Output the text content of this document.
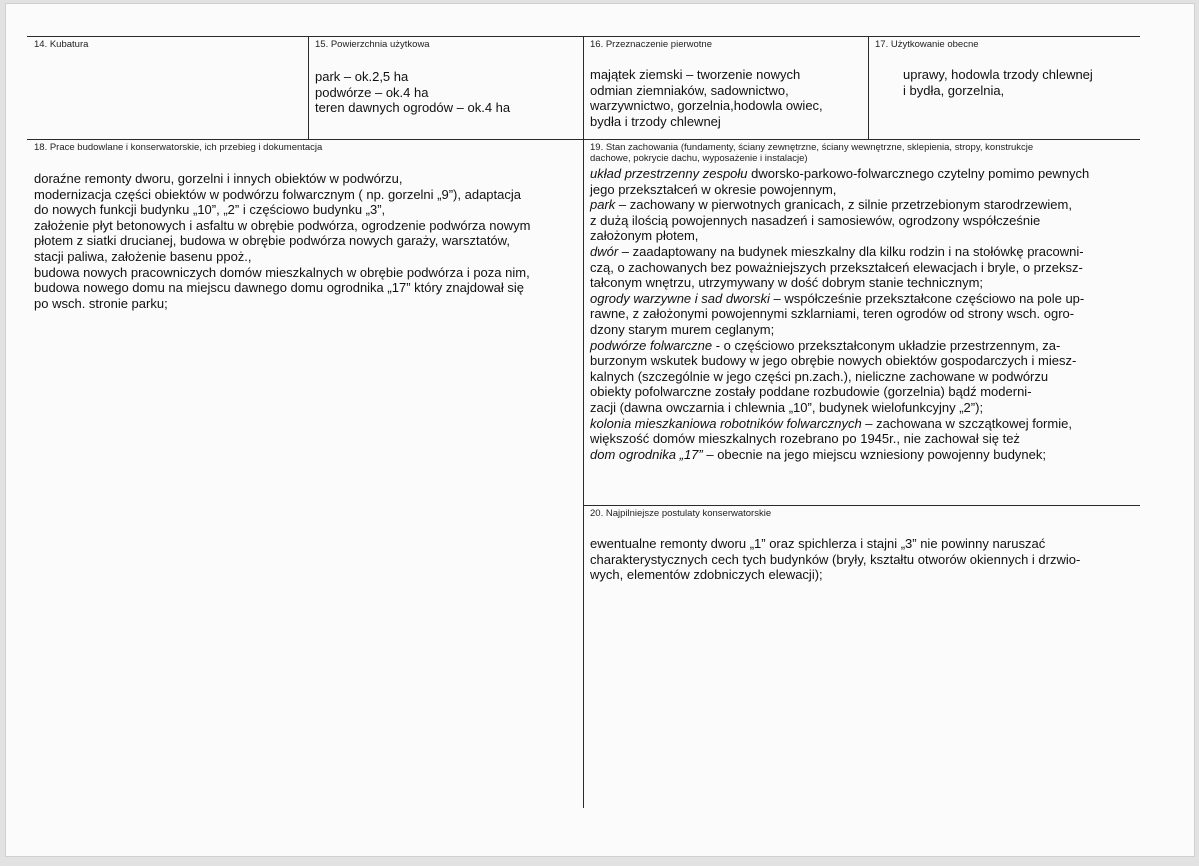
14. Kubatura	15. Powierzchnia użytkowa
park – ok.2,5 ha
podwórze – ok.4 ha
teren dawnych ogrodów – ok.4 ha
16. Przeznaczenie pierwotne
majątek ziemski – tworzenie nowych
odmian ziemniaków, sadownictwo,
warzywnictwo, gorzelnia,hodowla owiec,
bydła i trzody chlewnej
17. Użytkowanie obecne
uprawy, hodowla trzody chlewnej
i bydła, gorzelnia,
18. Prace budowlane i konserwatorskie, ich przebieg i dokumentacja
doraźne remonty dworu, gorzelni i innych obiektów w podwórzu,
modernizacja części obiektów w podwórzu folwarcznym ( np. gorzelni „9”), adaptacja
do nowych funkcji budynku „10”, „2” i częściowo budynku „3”,
założenie płyt betonowych i asfaltu w obrębie podwórza, ogrodzenie podwórza nowym
płotem z siatki drucianej, budowa w obrębie podwórza nowych garaży, warsztatów,
stacji paliwa, założenie basenu ppoż.,
budowa nowych pracowniczych domów mieszkalnych w obrębie podwórza i poza nim,
budowa nowego domu na miejscu dawnego domu ogrodnika „17” który znajdował się
po wsch. stronie parku;
19. Stan zachowania (fundamenty, ściany zewnętrzne, ściany wewnętrzne, sklepienia, stropy, konstrukcje
dachowe, pokrycie dachu, wyposażenie i instalacje)
układ przestrzenny zespołu dworsko-parkowo-folwarcznego czytelny pomimo pewnych
jego przekształceń w okresie powojennym,
park – zachowany w pierwotnych granicach, z silnie przetrzebionym starodrzewiem,
z dużą ilością powojennych nasadzeń i samosiewów, ogrodzony współcześnie
założonym płotem,
dwór – zaadaptowany na budynek mieszkalny dla kilku rodzin i na stołówkę pracowni-
czą, o zachowanych bez poważniejszych przekształceń elewacjach i bryle, o przeksz-
tałconym wnętrzu, utrzymywany w dość dobrym stanie technicznym;
ogrody warzywne i sad dworski – współcześnie przekształcone częściowo na pole up-
rawne, z założonymi powojennymi szklarniami, teren ogrodów od strony wsch. ogro-
dzony starym murem ceglanym;
podwórze folwarczne - o częściowo przekształconym układzie przestrzennym, za-
burzonym wskutek budowy w jego obrębie nowych obiektów gospodarczych i miesz-
kalnych (szczególnie w jego części pn.zach.), nieliczne zachowane w podwórzu
obiekty pofolwarczne zostały poddane rozbudowie (gorzelnia) bądź moderni-
zacji (dawna owczarnia i chlewnia „10”, budynek wielofunkcyjny „2”);
kolonia mieszkaniowa robotników folwarcznych – zachowana w szczątkowej formie,
większość domów mieszkalnych rozebrano po 1945r., nie zachował się też
dom ogrodnika „17” – obecnie na jego miejscu wzniesiony powojenny budynek;
20. Najpilniejsze postulaty konserwatorskie
ewentualne remonty dworu „1” oraz spichlerza i stajni „3” nie powinny naruszać
charakterystycznych cech tych budynków (bryły, kształtu otworów okiennych i drzwio-
wych, elementów zdobniczych elewacji);
